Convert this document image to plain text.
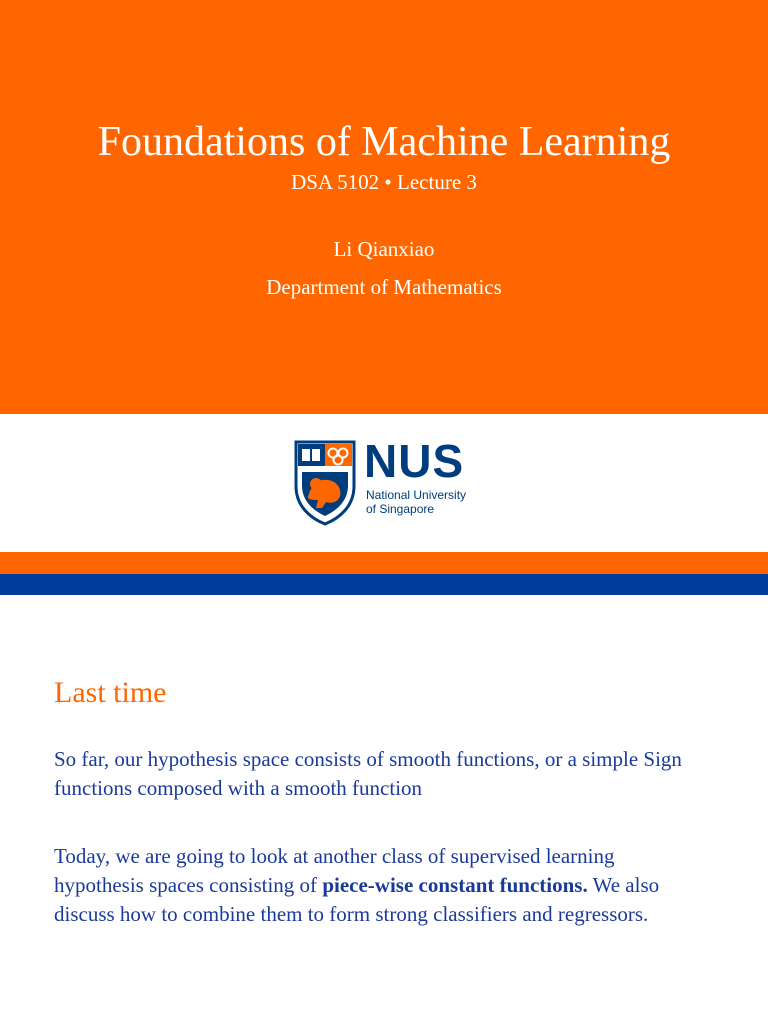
Foundations of Machine Learning
DSA 5102 • Lecture 3
Li Qianxiao
Department of Mathematics
NUS
National University
of Singapore
Last time
So far, our hypothesis space consists of smooth functions, or a simple Sign functions composed with a smooth function
Today, we are going to look at another class of supervised learning hypothesis spaces consisting of piece-wise constant functions. We also discuss how to combine them to form strong classifiers and regressors.
